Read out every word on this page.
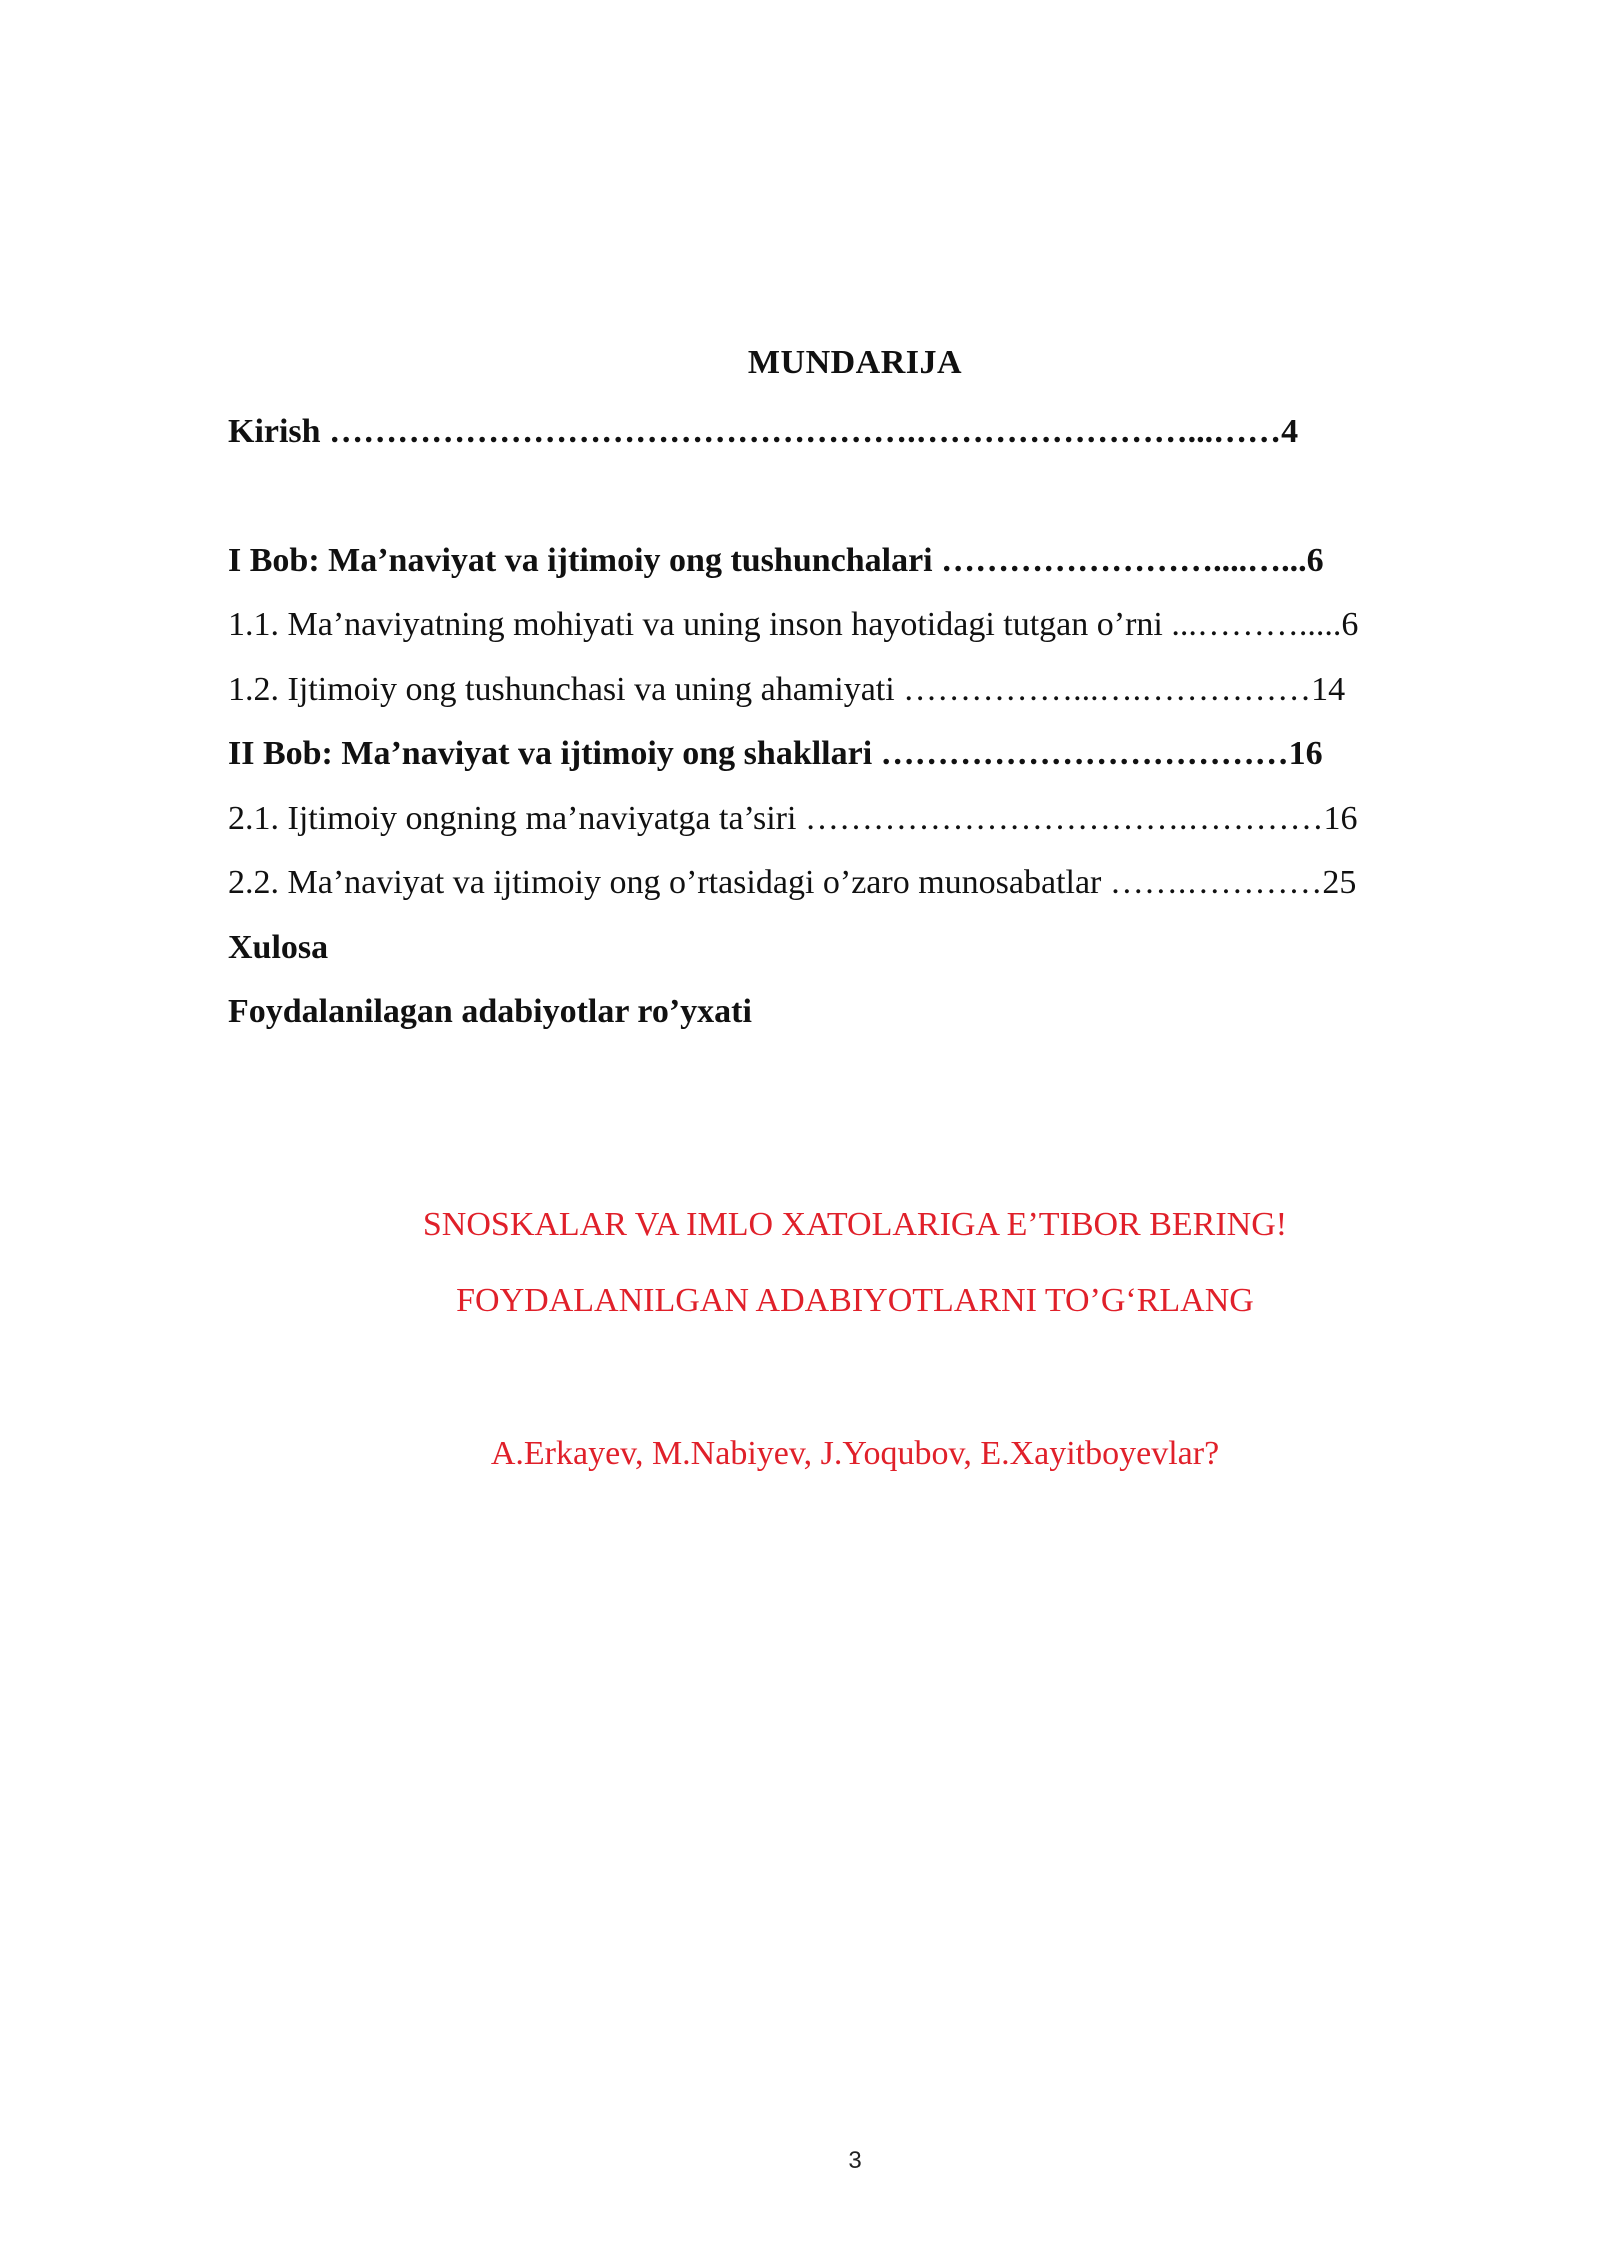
MUNDARIJA
Kirish …………………………………………….……………………...……4
I Bob: Ma’naviyat va ijtimoiy ong tushunchalari ……………………....…...6
1.1. Ma’naviyatning mohiyati va uning inson hayotidagi tutgan o’rni ...……….....6
1.2. Ijtimoiy ong tushunchasi va uning ahamiyati ……………...….……………14
II Bob: Ma’naviyat va ijtimoiy ong shakllari ………………………………16
2.1. Ijtimoiy ongning ma’naviyatga ta’siri …………………………….…………16
2.2. Ma’naviyat va ijtimoiy ong o’rtasidagi o’zaro munosabatlar …….…………25
Xulosa
Foydalanilagan adabiyotlar ro’yxati
SNOSKALAR VA IMLO XATOLARIGA E’TIBOR BERING!
FOYDALANILGAN ADABIYOTLARNI TO’G‘RLANG
A.Erkayev, M.Nabiyev, J.Yoqubov, E.Xayitboyevlar?
3
